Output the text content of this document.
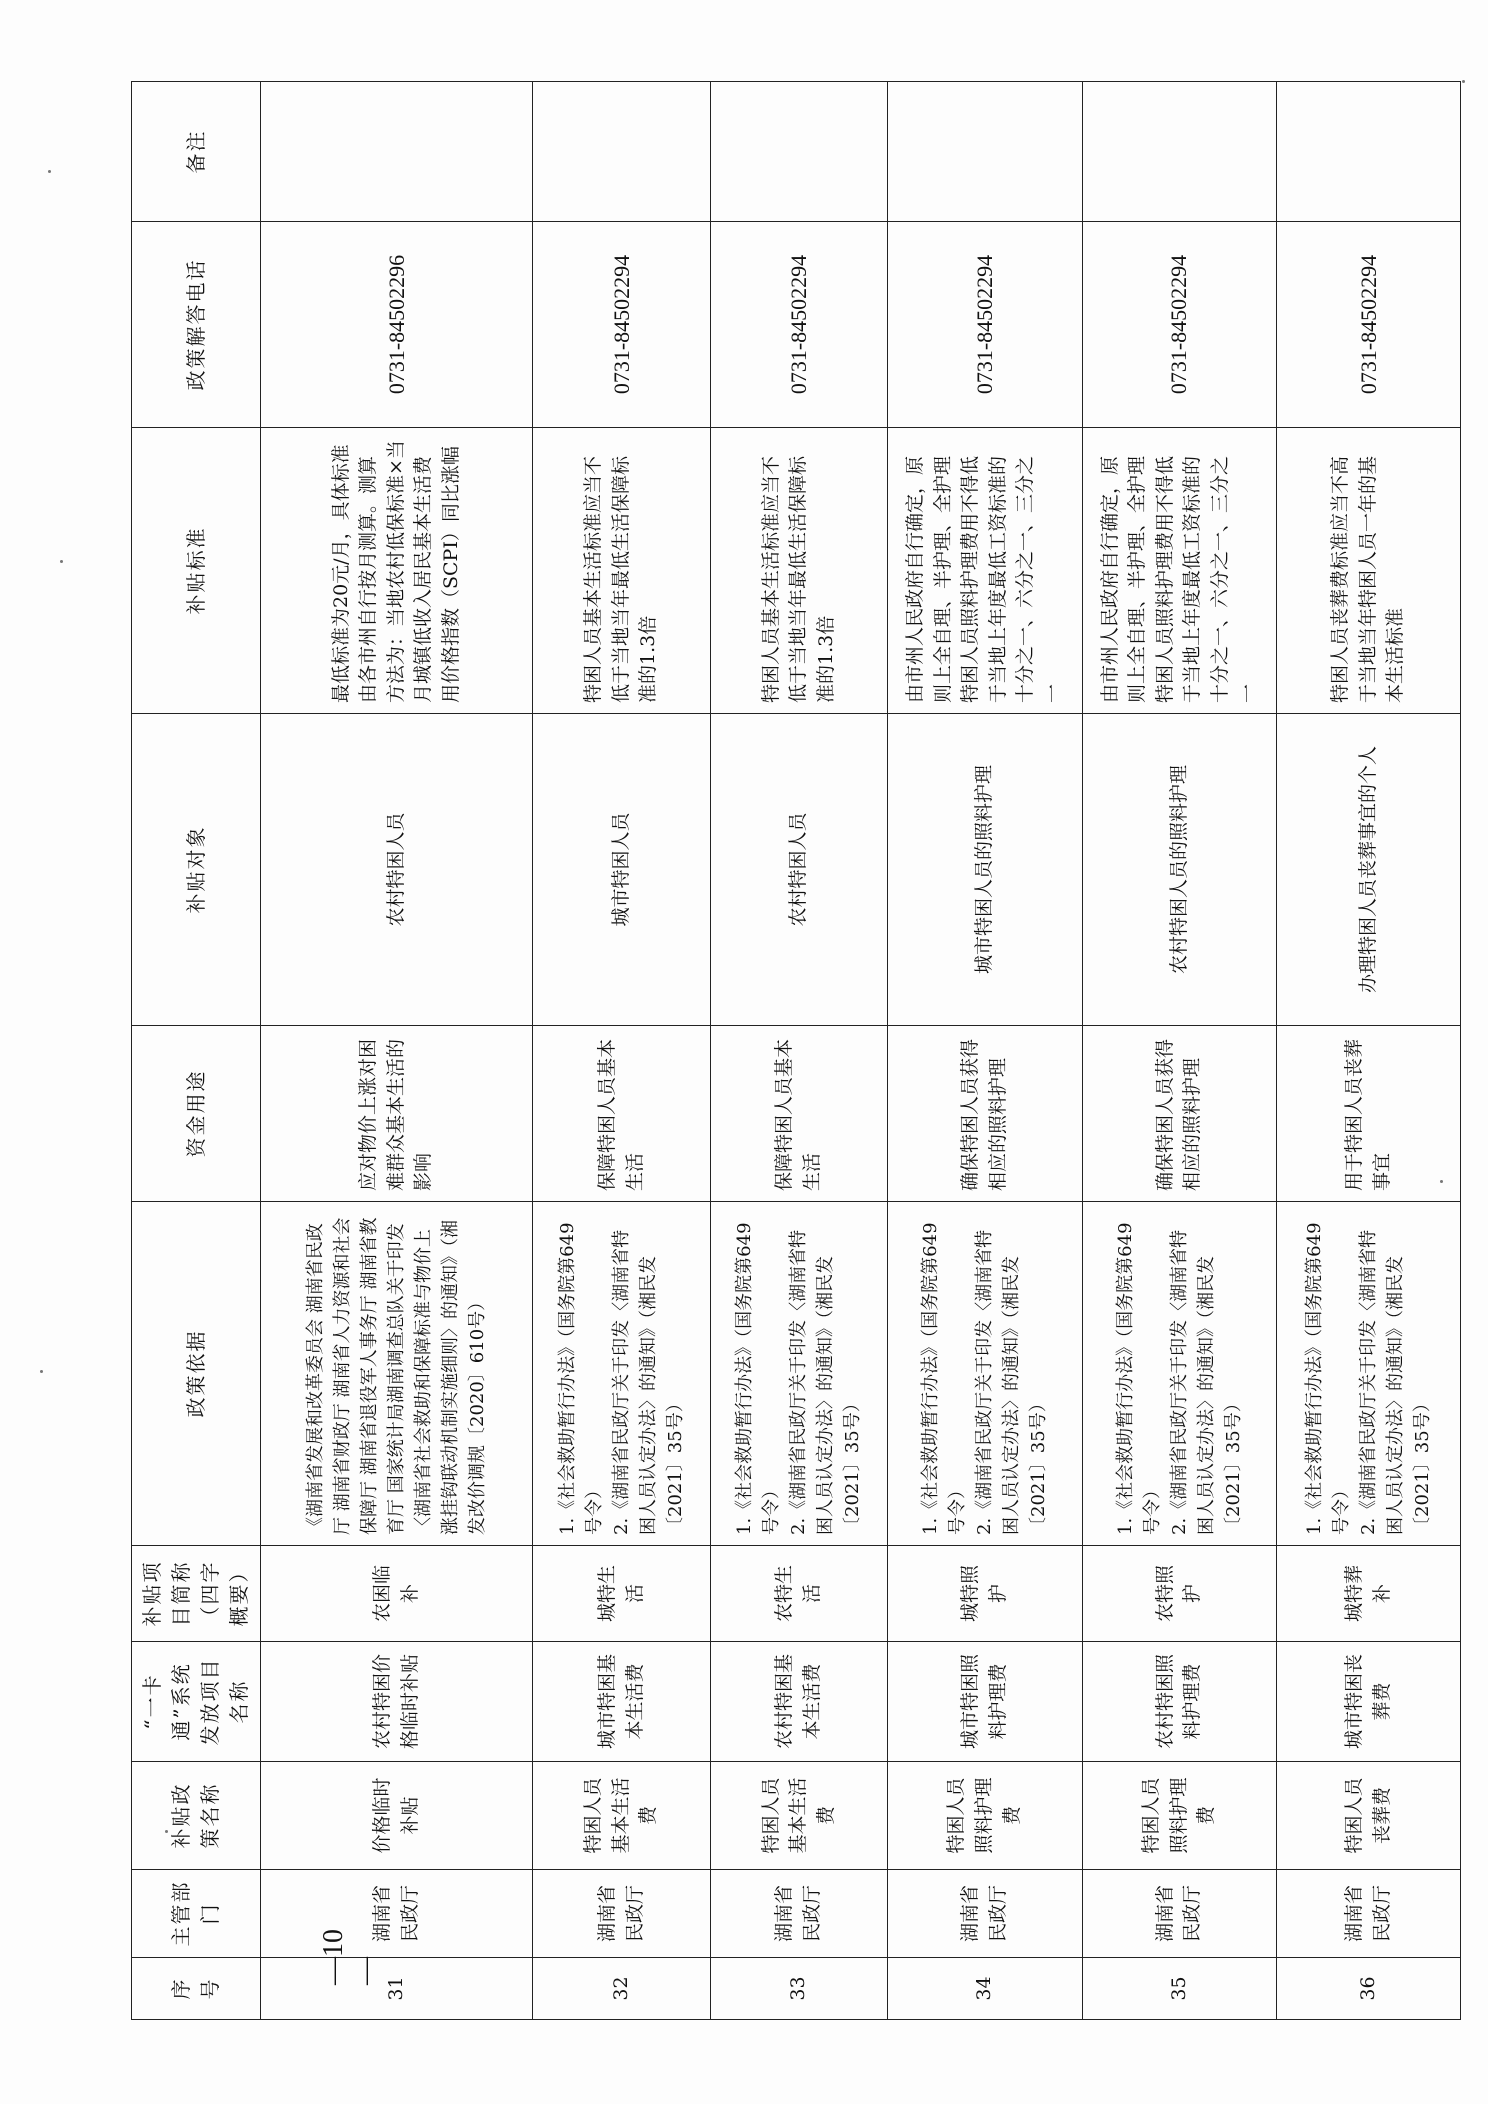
序号	主管部门	补贴政策名称	“一卡通”系统发放项目名称	补贴项目简称（四字概要）	政策依据	资金用途	补贴对象	补贴标准	政策解答电话	备注
31	湖南省民政厅	价格临时补贴	农村特困价格临时补贴	农困临补	《湖南省发展和改革委员会 湖南省民政厅 湖南省财政厅 湖南省人力资源和社会保障厅 湖南省退役军人事务厅 湖南省教育厅 国家统计局湖南调查总队关于印发〈湖南省社会救助和保障标准与物价上涨挂钩联动机制实施细则〉的通知》（湘发改价调规〔2020〕610号）	应对物价上涨对困难群众基本生活的影响	农村特困人员	最低标准为20元/月，具体标准由各市州自行按月测算。测算方法为：当地农村低保标准×当月城镇低收入居民基本生活费用价格指数（SCPI）同比涨幅	0731-84502296	
32	湖南省民政厅	特困人员基本生活费	城市特困基本生活费	城特生活	1.《社会救助暂行办法》（国务院第649号令） 2.《湖南省民政厅关于印发〈湖南省特困人员认定办法〉的通知》（湘民发〔2021〕35号）	保障特困人员基本生活	城市特困人员	特困人员基本生活标准应当不低于当地当年最低生活保障标准的1.3倍	0731-84502294	
33	湖南省民政厅	特困人员基本生活费	农村特困基本生活费	农特生活	1.《社会救助暂行办法》（国务院第649号令） 2.《湖南省民政厅关于印发〈湖南省特困人员认定办法〉的通知》（湘民发〔2021〕35号）	保障特困人员基本生活	农村特困人员	特困人员基本生活标准应当不低于当地当年最低生活保障标准的1.3倍	0731-84502294	
34	湖南省民政厅	特困人员照料护理费	城市特困照料护理费	城特照护	1.《社会救助暂行办法》（国务院第649号令） 2.《湖南省民政厅关于印发〈湖南省特困人员认定办法〉的通知》（湘民发〔2021〕35号）	确保特困人员获得相应的照料护理	城市特困人员的照料护理	由市州人民政府自行确定，原则上全自理、半护理、全护理特困人员照料护理费用不得低于当地上年度最低工资标准的十分之一、六分之一、三分之一	0731-84502294	
35	湖南省民政厅	特困人员照料护理费	农村特困照料护理费	农特照护	1.《社会救助暂行办法》（国务院第649号令） 2.《湖南省民政厅关于印发〈湖南省特困人员认定办法〉的通知》（湘民发〔2021〕35号）	确保特困人员获得相应的照料护理	农村特困人员的照料护理	由市州人民政府自行确定，原则上全自理、半护理、全护理特困人员照料护理费用不得低于当地上年度最低工资标准的十分之一、六分之一、三分之一	0731-84502294	
36	湖南省民政厅	特困人员丧葬费	城市特困丧葬费	城特葬补	1.《社会救助暂行办法》（国务院第649号令） 2.《湖南省民政厅关于印发〈湖南省特困人员认定办法〉的通知》（湘民发〔2021〕35号）	用于特困人员丧葬事宜	办理特困人员丧葬事宜的个人	特困人员丧葬费标准应当不高于当地当年特困人员一年的基本生活标准	0731-84502294	
—10—
